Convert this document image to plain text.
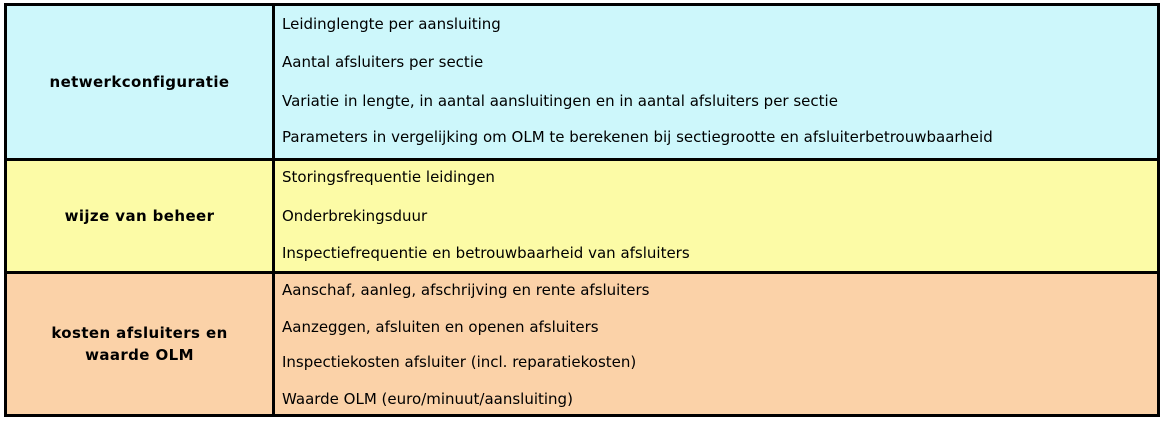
netwerkconfiguratie
Leidinglengte per aansluiting
Aantal afsluiters per sectie
Variatie in lengte, in aantal aansluitingen en in aantal afsluiters per sectie
Parameters in vergelijking om OLM te berekenen bij sectiegrootte en afsluiterbetrouwbaarheid
wijze van beheer
Storingsfrequentie leidingen
Onderbrekingsduur
Inspectiefrequentie en betrouwbaarheid van afsluiters
kosten afsluiters en waarde OLM
Aanschaf, aanleg, afschrijving en rente afsluiters
Aanzeggen, afsluiten en openen afsluiters
Inspectiekosten afsluiter (incl. reparatiekosten)
Waarde OLM (euro/minuut/aansluiting)
